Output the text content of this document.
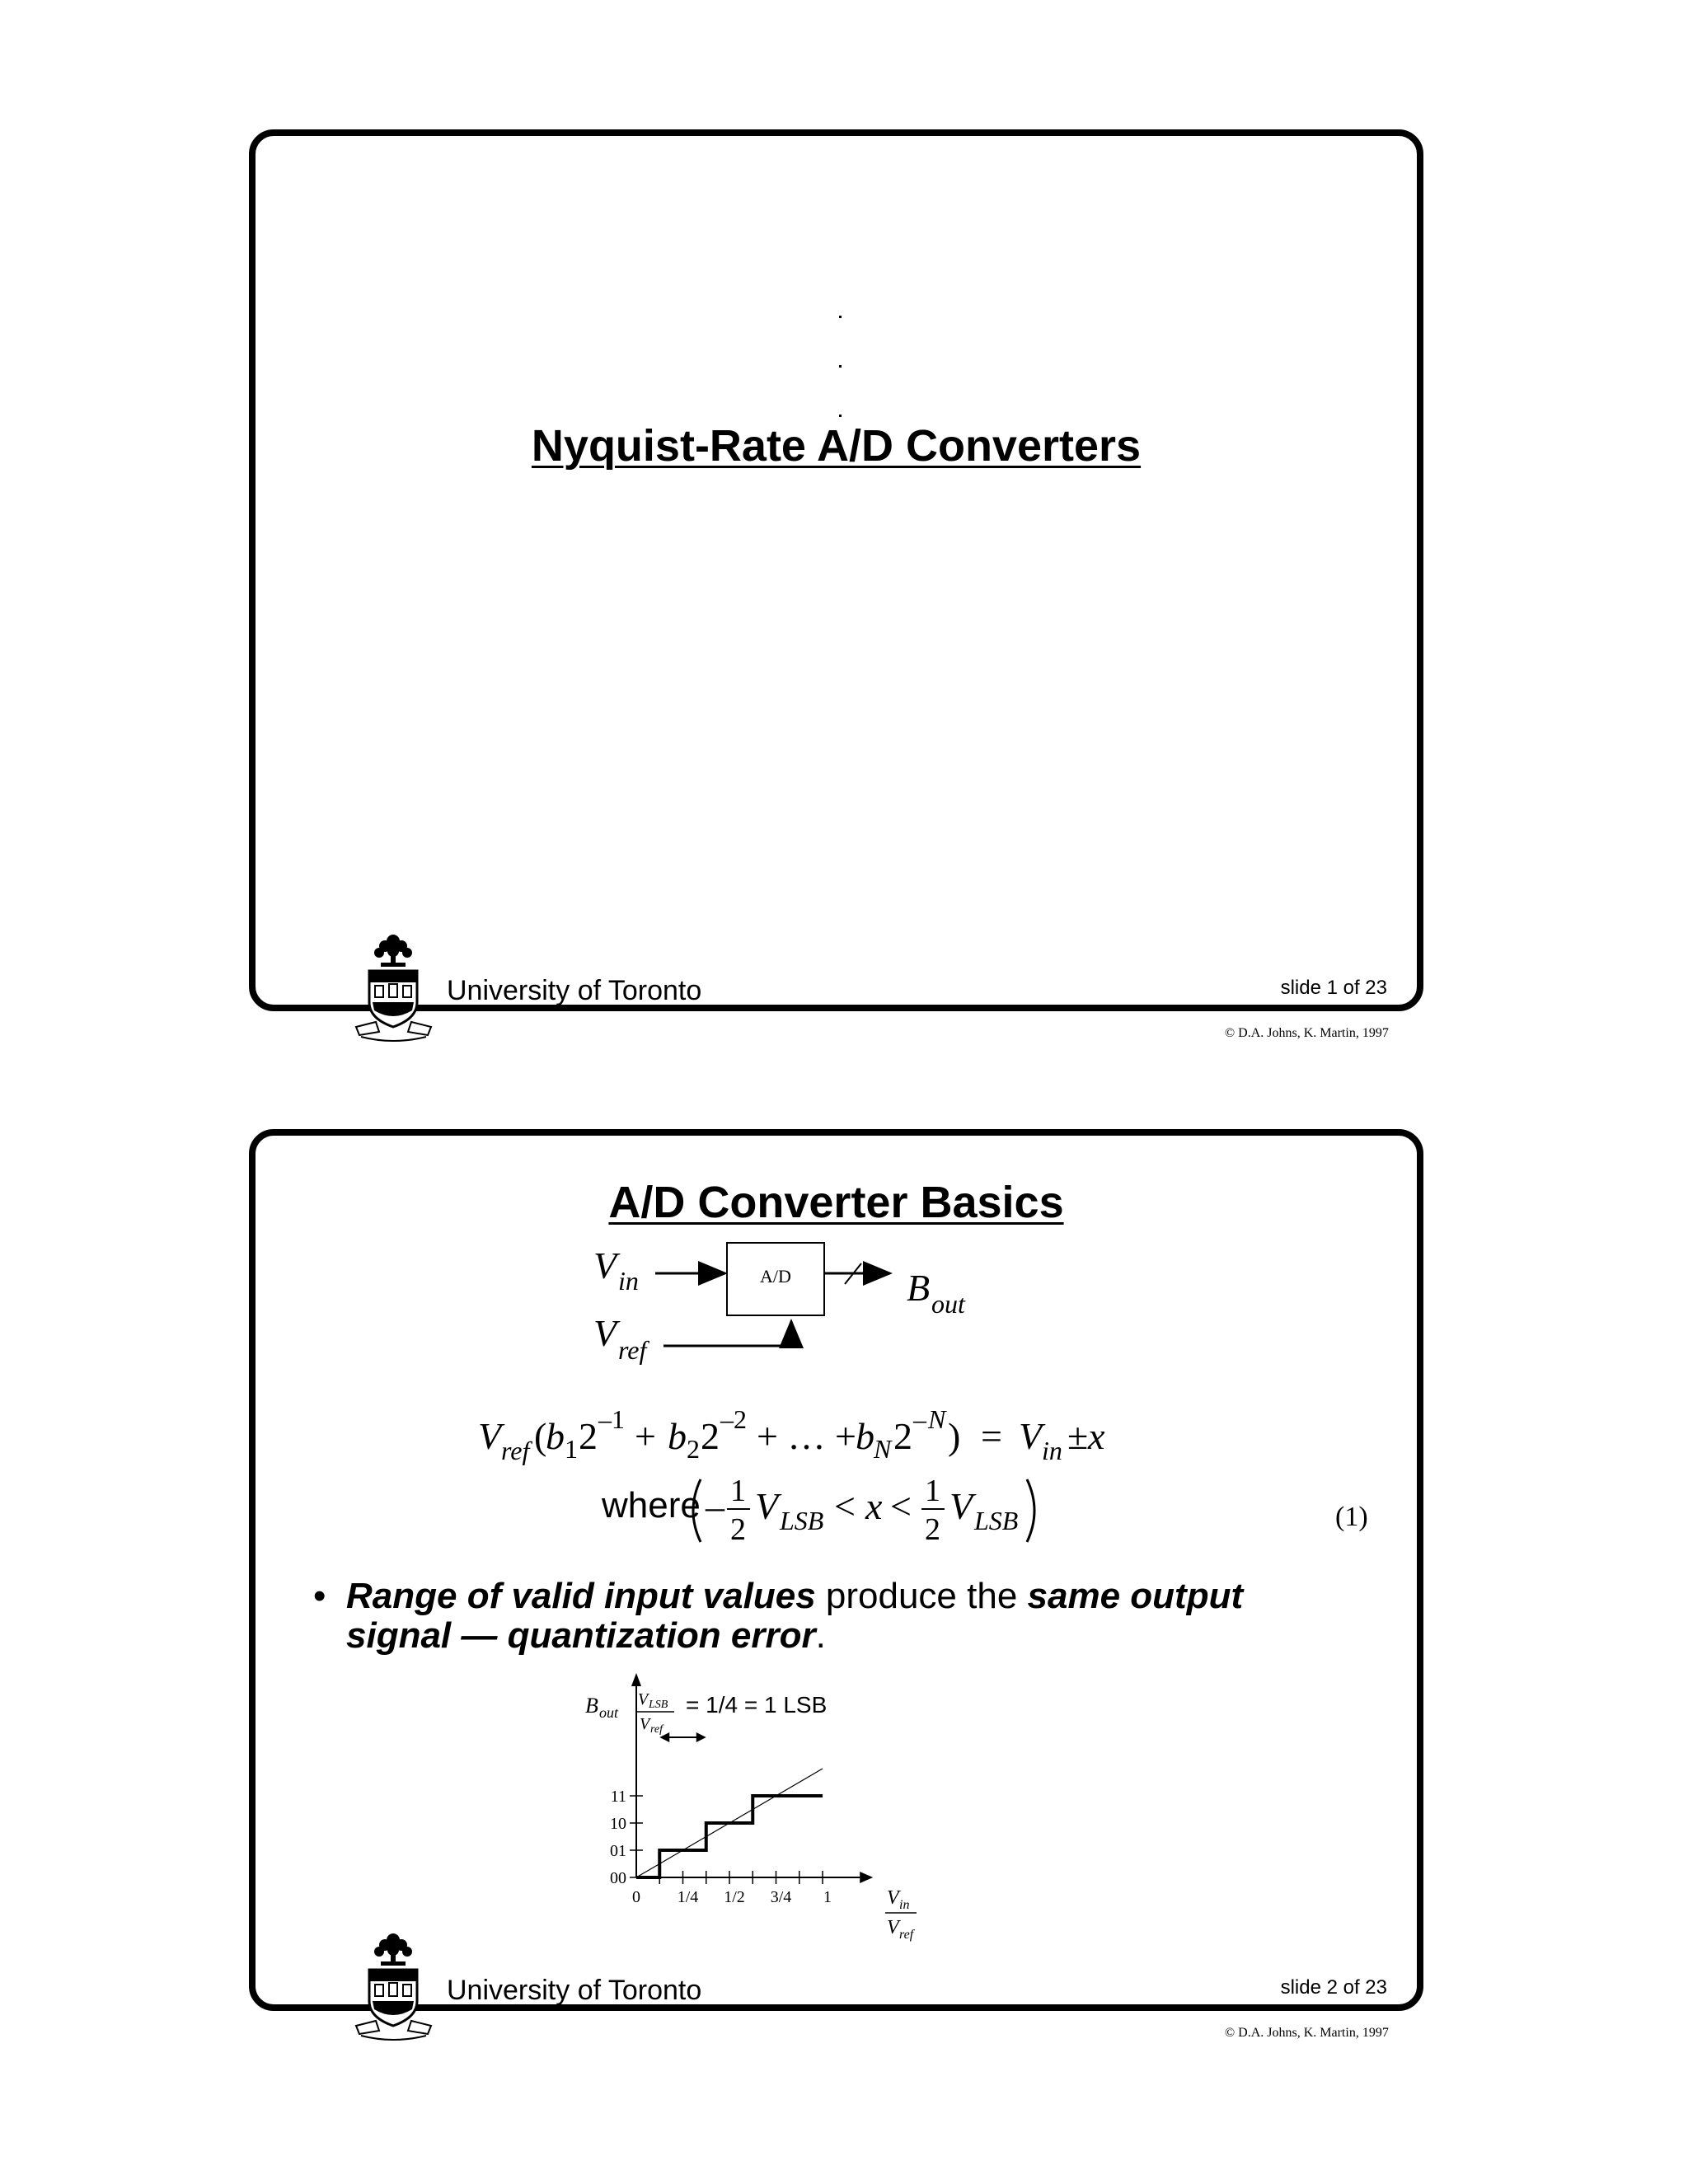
Nyquist-Rate A/D Converters
University of Toronto	slide 1 of 23
© D.A. Johns, K. Martin, 1997
A/D Converter Basics
V in	A/D	B out
V ref
V ref (
b 1 2 –1 + b 2 2 –2 + … + b N 2 – N ) = V in ± x
where – 1
2
V LSB < x < 1
2
V LSB	(1)
• Range of valid input values produce the same output signal — quantization error.
B out
V LSB
V ref
= 1/4 = 1 LSB
V in
V ref
00
01
10
11
0 1/4 1/2 3/4 1
University of Toronto	slide 2 of 23
© D.A. Johns, K. Martin, 1997
